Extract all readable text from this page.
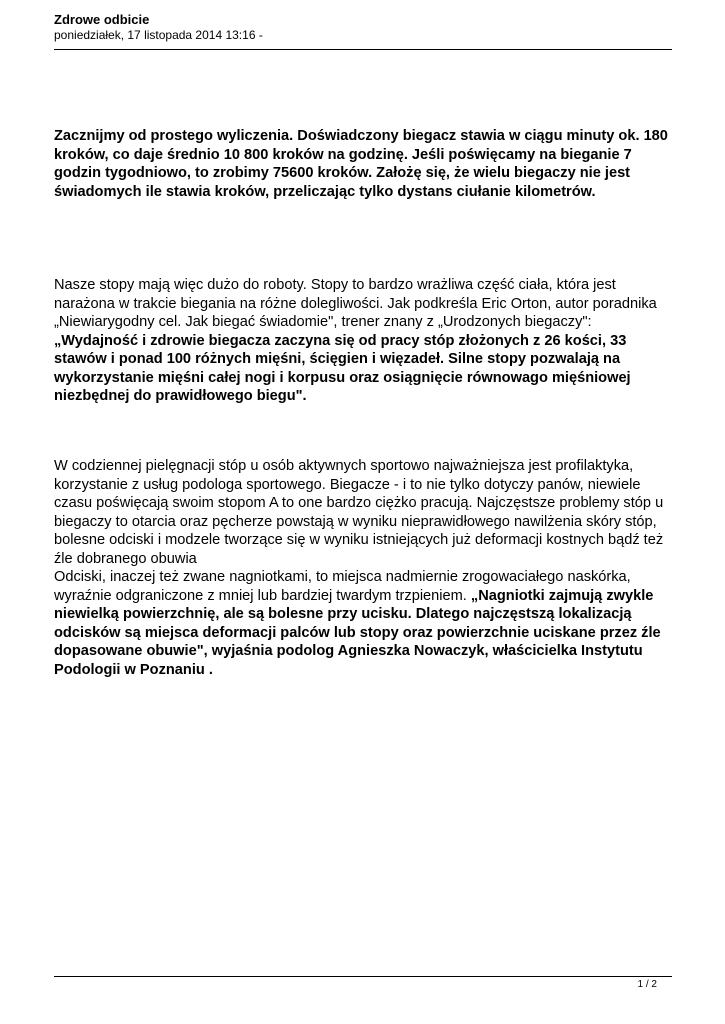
Zdrowe odbicie
poniedziałek, 17 listopada 2014 13:16 -

Zacznijmy od prostego wyliczenia. Doświadczony biegacz stawia w ciągu minuty ok. 180 kroków, co daje średnio 10 800 kroków na godzinę. Jeśli poświęcamy na bieganie 7 godzin tygodniowo, to zrobimy 75600 kroków. Założę się, że wielu biegaczy nie jest świadomych ile stawia kroków, przeliczając tylko dystans ciułanie kilometrów.

Nasze stopy mają więc dużo do roboty. Stopy to bardzo wrażliwa część ciała, która jest narażona w trakcie biegania na różne dolegliwości. Jak podkreśla Eric Orton, autor poradnika „Niewiarygodny cel. Jak biegać świadomie", trener znany z „Urodzonych biegaczy": „Wydajność i zdrowie biegacza zaczyna się od pracy stóp złożonych z 26 kości, 33 stawów i ponad 100 różnych mięśni, ścięgien i więzadeł. Silne stopy pozwalają na wykorzystanie mięśni całej nogi i korpusu oraz osiągnięcie równowago mięśniowej niezbędnej do prawidłowego biegu".

W codziennej pielęgnacji stóp u osób aktywnych sportowo najważniejsza jest profilaktyka, korzystanie z usług podologa sportowego. Biegacze - i to nie tylko dotyczy panów, niewiele czasu poświęcają swoim stopom A to one bardzo ciężko pracują. Najczęstsze problemy stóp u biegaczy to otarcia oraz pęcherze powstają w wyniku nieprawidłowego nawilżenia skóry stóp, bolesne odciski i modzele tworzące się w wyniku istniejących już deformacji kostnych bądź też źle dobranego obuwia

Odciski, inaczej też zwane nagniotkami, to miejsca nadmiernie zrogowaciałego naskórka, wyraźnie odgraniczone z mniej lub bardziej twardym trzpieniem. „Nagniotki zajmują zwykle niewielką powierzchnię, ale są bolesne przy ucisku. Dlatego najczęstszą lokalizacją odcisków są miejsca deformacji palców lub stopy oraz powierzchnie uciskane przez źle dopasowane obuwie", wyjaśnia podolog Agnieszka Nowaczyk, właścicielka Instytutu Podologii w Poznaniu .

1 / 2
